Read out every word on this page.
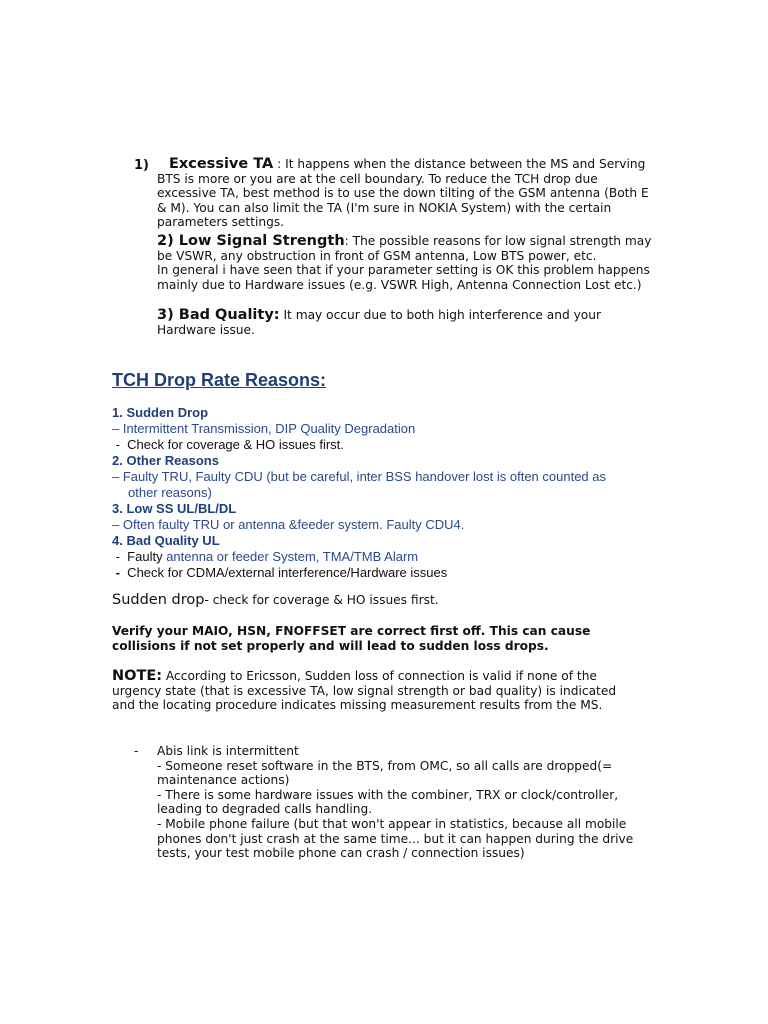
1)	Excessive TA : It happens when the distance between the MS and Serving BTS is more or you are at the cell boundary. To reduce the TCH drop due excessive TA, best method is to use the down tilting of the GSM antenna (Both E & M). You can also limit the TA (I'm sure in NOKIA System) with the certain parameters settings.
2) Low Signal Strength: The possible reasons for low signal strength may be VSWR, any obstruction in front of GSM antenna, Low BTS power, etc.
In general i have seen that if your parameter setting is OK this problem happens mainly due to Hardware issues (e.g. VSWR High, Antenna Connection Lost etc.)
3) Bad Quality: It may occur due to both high interference and your Hardware issue.
TCH Drop Rate Reasons:
1. Sudden Drop
– Intermittent Transmission, DIP Quality Degradation
-  Check for coverage & HO issues first.
2. Other Reasons
– Faulty TRU, Faulty CDU (but be careful, inter BSS handover lost is often counted as
other reasons)
3. Low SS UL/BL/DL
– Often faulty TRU or antenna &feeder system. Faulty CDU4.
4. Bad Quality UL
-  Faulty antenna or feeder System, TMA/TMB Alarm
-  Check for CDMA/external interference/Hardware issues
Sudden drop- check for coverage & HO issues first.
Verify your MAIO, HSN, FNOFFSET are correct first off. This can cause collisions if not set properly and will lead to sudden loss drops.
NOTE: According to Ericsson, Sudden loss of connection is valid if none of the urgency state (that is excessive TA, low signal strength or bad quality) is indicated and the locating procedure indicates missing measurement results from the MS.
- Abis link is intermittent
- Someone reset software in the BTS, from OMC, so all calls are dropped(= maintenance actions)
- There is some hardware issues with the combiner, TRX or clock/controller, leading to degraded calls handling.
- Mobile phone failure (but that won't appear in statistics, because all mobile phones don't just crash at the same time... but it can happen during the drive tests, your test mobile phone can crash / connection issues)
